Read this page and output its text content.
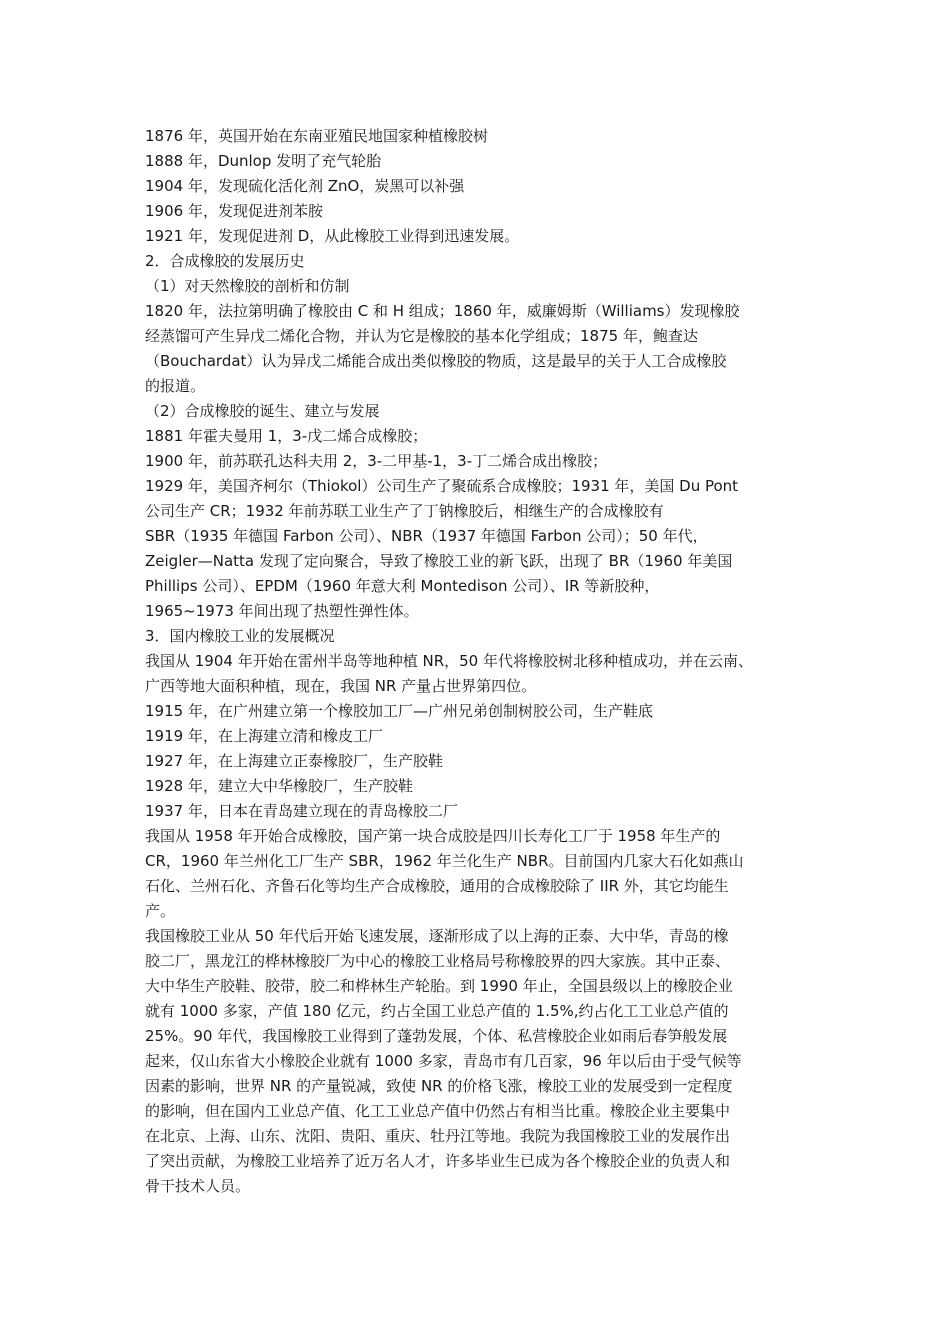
1876 年，英国开始在东南亚殖民地国家种植橡胶树
1888 年，Dunlop 发明了充气轮胎
1904 年，发现硫化活化剂 ZnO，炭黑可以补强
1906 年，发现促进剂苯胺
1921 年，发现促进剂 D，从此橡胶工业得到迅速发展。
2．合成橡胶的发展历史
（1）对天然橡胶的剖析和仿制
1820 年，法拉第明确了橡胶由 C 和 H 组成；1860 年，威廉姆斯（Williams）发现橡胶
经蒸馏可产生异戊二烯化合物，并认为它是橡胶的基本化学组成；1875 年，鲍查达
（Bouchardat）认为异戊二烯能合成出类似橡胶的物质，这是最早的关于人工合成橡胶
的报道。
（2）合成橡胶的诞生、建立与发展
1881 年霍夫曼用 1，3-戊二烯合成橡胶；
1900 年，前苏联孔达科夫用 2，3-二甲基-1，3-丁二烯合成出橡胶；
1929 年，美国齐柯尔（Thiokol）公司生产了聚硫系合成橡胶；1931 年，美国 Du Pont
公司生产 CR；1932 年前苏联工业生产了丁钠橡胶后，相继生产的合成橡胶有
SBR（1935 年德国 Farbon 公司）、NBR（1937 年德国 Farbon 公司）；50 年代，
Zeigler—Natta 发现了定向聚合，导致了橡胶工业的新飞跃，出现了 BR（1960 年美国
Phillips 公司）、EPDM（1960 年意大利 Montedison 公司）、IR 等新胶种，
1965~1973 年间出现了热塑性弹性体。
3．国内橡胶工业的发展概况
我国从 1904 年开始在雷州半岛等地种植 NR，50 年代将橡胶树北移种植成功，并在云南、
广西等地大面积种植，现在，我国 NR 产量占世界第四位。
1915 年，在广州建立第一个橡胶加工厂—广州兄弟创制树胶公司，生产鞋底
1919 年，在上海建立清和橡皮工厂
1927 年，在上海建立正泰橡胶厂，生产胶鞋
1928 年，建立大中华橡胶厂，生产胶鞋
1937 年，日本在青岛建立现在的青岛橡胶二厂
我国从 1958 年开始合成橡胶，国产第一块合成胶是四川长寿化工厂于 1958 年生产的
CR，1960 年兰州化工厂生产 SBR，1962 年兰化生产 NBR。目前国内几家大石化如燕山
石化、兰州石化、齐鲁石化等均生产合成橡胶，通用的合成橡胶除了 IIR 外，其它均能生
产。
我国橡胶工业从 50 年代后开始飞速发展，逐渐形成了以上海的正泰、大中华，青岛的橡
胶二厂，黑龙江的桦林橡胶厂为中心的橡胶工业格局号称橡胶界的四大家族。其中正泰、
大中华生产胶鞋、胶带，胶二和桦林生产轮胎。到 1990 年止，全国县级以上的橡胶企业
就有 1000 多家，产值 180 亿元，约占全国工业总产值的 1.5%,约占化工工业总产值的
25%。90 年代，我国橡胶工业得到了蓬勃发展，个体、私营橡胶企业如雨后春笋般发展
起来，仅山东省大小橡胶企业就有 1000 多家，青岛市有几百家，96 年以后由于受气候等
因素的影响，世界 NR 的产量锐减，致使 NR 的价格飞涨，橡胶工业的发展受到一定程度
的影响，但在国内工业总产值、化工工业总产值中仍然占有相当比重。橡胶企业主要集中
在北京、上海、山东、沈阳、贵阳、重庆、牡丹江等地。我院为我国橡胶工业的发展作出
了突出贡献，为橡胶工业培养了近万名人才，许多毕业生已成为各个橡胶企业的负责人和
骨干技术人员。
